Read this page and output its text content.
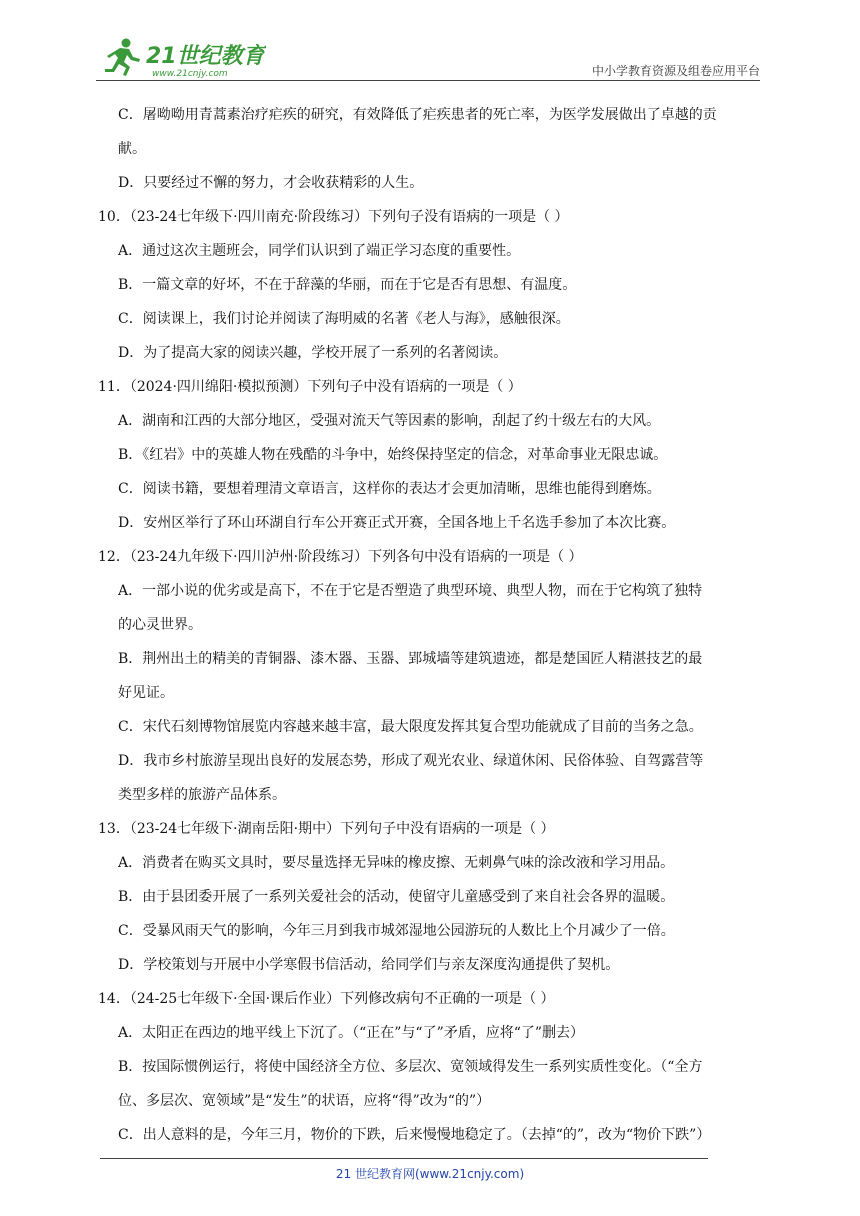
21世纪教育
www.21cnjy.com	中小学教育资源及组卷应用平台
C．屠呦呦用青蒿素治疗疟疾的研究，有效降低了疟疾患者的死亡率，为医学发展做出了卓越的贡
献。
D．只要经过不懈的努力，才会收获精彩的人生。
10．（23-24七年级下·四川南充·阶段练习）下列句子没有语病的一项是（ ）
A．通过这次主题班会，同学们认识到了端正学习态度的重要性。
B．一篇文章的好坏，不在于辞藻的华丽，而在于它是否有思想、有温度。
C．阅读课上，我们讨论并阅读了海明威的名著《老人与海》，感触很深。
D．为了提高大家的阅读兴趣，学校开展了一系列的名著阅读。
11．（2024·四川绵阳·模拟预测）下列句子中没有语病的一项是（ ）
A．湖南和江西的大部分地区，受强对流天气等因素的影响，刮起了约十级左右的大风。
B．《红岩》中的英雄人物在残酷的斗争中，始终保持坚定的信念，对革命事业无限忠诚。
C．阅读书籍，要想着理清文章语言，这样你的表达才会更加清晰，思维也能得到磨炼。
D．安州区举行了环山环湖自行车公开赛正式开赛，全国各地上千名选手参加了本次比赛。
12．（23-24九年级下·四川泸州·阶段练习）下列各句中没有语病的一项是（ ）
A．一部小说的优劣或是高下，不在于它是否塑造了典型环境、典型人物，而在于它构筑了独特
的心灵世界。
B．荆州出土的精美的青铜器、漆木器、玉器、郢城墙等建筑遗迹，都是楚国匠人精湛技艺的最
好见证。
C．宋代石刻博物馆展览内容越来越丰富，最大限度发挥其复合型功能就成了目前的当务之急。
D．我市乡村旅游呈现出良好的发展态势，形成了观光农业、绿道休闲、民俗体验、自驾露营等
类型多样的旅游产品体系。
13．（23-24七年级下·湖南岳阳·期中）下列句子中没有语病的一项是（ ）
A．消费者在购买文具时，要尽量选择无异味的橡皮擦、无刺鼻气味的涂改液和学习用品。
B．由于县团委开展了一系列关爱社会的活动，使留守儿童感受到了来自社会各界的温暖。
C．受暴风雨天气的影响，今年三月到我市城郊湿地公园游玩的人数比上个月减少了一倍。
D．学校策划与开展中小学寒假书信活动，给同学们与亲友深度沟通提供了契机。
14．（24-25七年级下·全国·课后作业）下列修改病句不正确的一项是（ ）
A．太阳正在西边的地平线上下沉了。（“正在”与“了”矛盾，应将“了”删去）
B．按国际惯例运行，将使中国经济全方位、多层次、宽领域得发生一系列实质性变化。（“全方
位、多层次、宽领域”是“发生”的状语，应将“得”改为“的”）
C．出人意料的是，今年三月，物价的下跌，后来慢慢地稳定了。（去掉“的”，改为“物价下跌”）
21 世纪教育网(www.21cnjy.com)
